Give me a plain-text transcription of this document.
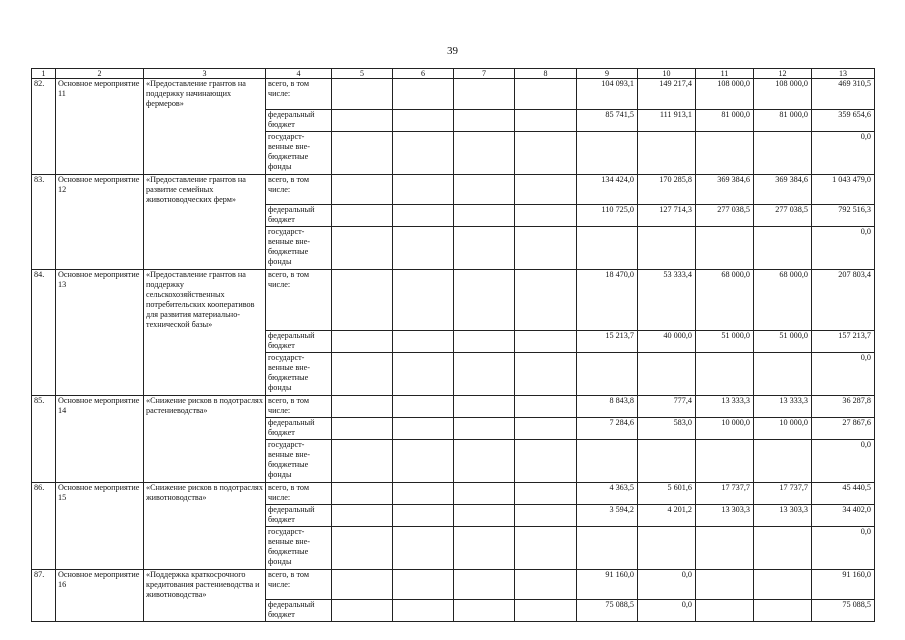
39
1	2	3	4	5	6	7	8	9	10	11	12	13
82.	Основное мероприятие 11	«Предоставление грантов на поддержку начинающих фермеров»	всего, в том числе:					104 093,1	149 217,4	108 000,0	108 000,0	469 310,5
			федеральный бюджет					85 741,5	111 913,1	81 000,0	81 000,0	359 654,6
			государст-венные вне-бюджетные фонды									0,0
83.	Основное мероприятие 12	«Предоставление грантов на развитие семейных животноводческих ферм»	всего, в том числе:					134 424,0	170 285,8	369 384,6	369 384,6	1 043 479,0
			федеральный бюджет					110 725,0	127 714,3	277 038,5	277 038,5	792 516,3
			государст-венные вне-бюджетные фонды									0,0
84.	Основное мероприятие 13	«Предоставление грантов на поддержку сельскохозяйственных потребительских кооперативов для развития материально-технической базы»	всего, в том числе:					18 470,0	53 333,4	68 000,0	68 000,0	207 803,4
			федеральный бюджет					15 213,7	40 000,0	51 000,0	51 000,0	157 213,7
			государст-венные вне-бюджетные фонды									0,0
85.	Основное мероприятие 14	«Снижение рисков в подотраслях растениеводства»	всего, в том числе:					8 843,8	777,4	13 333,3	13 333,3	36 287,8
			федеральный бюджет					7 284,6	583,0	10 000,0	10 000,0	27 867,6
			государст-венные вне-бюджетные фонды									0,0
86.	Основное мероприятие 15	«Снижение рисков в подотраслях животноводства»	всего, в том числе:					4 363,5	5 601,6	17 737,7	17 737,7	45 440,5
			федеральный бюджет					3 594,2	4 201,2	13 303,3	13 303,3	34 402,0
			государст-венные вне-бюджетные фонды									0,0
87.	Основное мероприятие 16	«Поддержка краткосрочного кредитования растениеводства и животноводства»	всего, в том числе:					91 160,0	0,0			91 160,0
			федеральный бюджет					75 088,5	0,0			75 088,5
